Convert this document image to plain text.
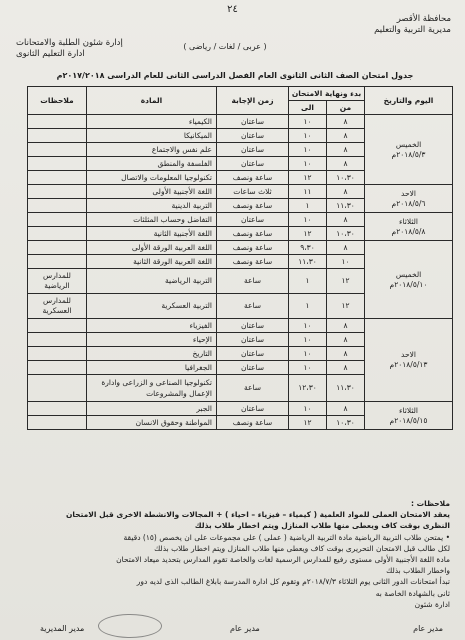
٢٤
محافظة الأقصر
مديرية التربية والتعليم
إدارة شئون الطلبة والامتحانات
ادارة التعليم الثانوى
( عربى / لغات / رياضى )
جدول امتحان الصف الثانى الثانوى العام الفصل الدراسى الثانى للعام الدراسى ٢٠١٧/٢٠١٨م
اليوم والتاريخ	بدء ونهاية الامتحان		زمن الإجابة	المادة	ملاحظات
	من	الى			

الخميس
٢٠١٨/٥/٣م	٨	١٠	ساعتان	الكيمياء	
	٨	١٠	ساعتان	الميكانيكا	
	٨	١٠	ساعتان	علم نفس والاجتماع	
	٨	١٠	ساعتان	الفلسفة والمنطق	
	١٠،٣٠	١٢	ساعة ونصف	تكنولوجيا المعلومات والاتصال	

الاحد
٢٠١٨/٥/٦م	٨	١١	ثلاث ساعات	اللغة الأجنبية الأولى	
	١١،٣٠	١	ساعة ونصف	التربية الدينية	

الثلاثاء
٢٠١٨/٥/٨م	٨	١٠	ساعتان	التفاضل وحساب المثلثات	
	١٠،٣٠	١٢	ساعة ونصف	اللغة الأجنبية الثانية	

الخميس
٢٠١٨/٥/١٠م	٨	٩،٣٠	ساعة ونصف	اللغة العربية الورقة الأولى	
	١٠	١١،٣٠	ساعة ونصف	اللغة العربية الورقة الثانية	
	١٢	١	ساعة	التربية الرياضية	للمدارس الرياضية
	١٢	١	ساعة	التربية العسكرية	للمدارس العسكرية

الاحد
٢٠١٨/٥/١٣م	٨	١٠	ساعتان	الفيزياء	
	٨	١٠	ساعتان	الإحياء	
	٨	١٠	ساعتان	التاريخ	
	٨	١٠	ساعتان	الجغرافيا	
	١١،٣٠	١٢،٣٠	ساعة	تكنولوجيا الصناعى و الزراعى وادارة الإعمال والمشروعات	

الثلاثاء
٢٠١٨/٥/١٥م	٨	١٠	ساعتان	الجبر	
	١٠،٣٠	١٢	ساعة ونصف	المواطنة وحقوق الانسان	
ملاحظات :
يعقد الامتحان العملى للمواد العلمية ( كيمياء – فيزياء – احياء ) + المجالات والانشطة الاخرى قبل الامتحان
النظرى بوقت كاف ويعطى منها طلاب المنازل ويتم اخطار طلاب بذلك
• يمتحن طلاب التربية الرياضية مادة التربية الرياضية ( عملى ) على مجموعات على ان يخصص (١٥) دقيقة
لكل طالب قبل الامتحان التحريرى بوقت كاف ويعطى منها طلاب المنازل ويتم اخطار طلاب بذلك
مادة اللغة الأجنبية الأولى مستوى رفيع للمدارس الرسمية لغات والخاصة تقوم المدارس بتحديد ميعاد الامتحان
واخطار الطلاب بذلك
تبدأ امتحانات الدور الثانى يوم الثلاثاء ٢٠١٨/٧/٣م وتقوم كل ادارة المدرسة بابلاغ الطالب الذى لديه دور
ثانى بالشهادة الخاصة به
ادارة شئون
مدير عام
مدير عام
مدير المديرية
